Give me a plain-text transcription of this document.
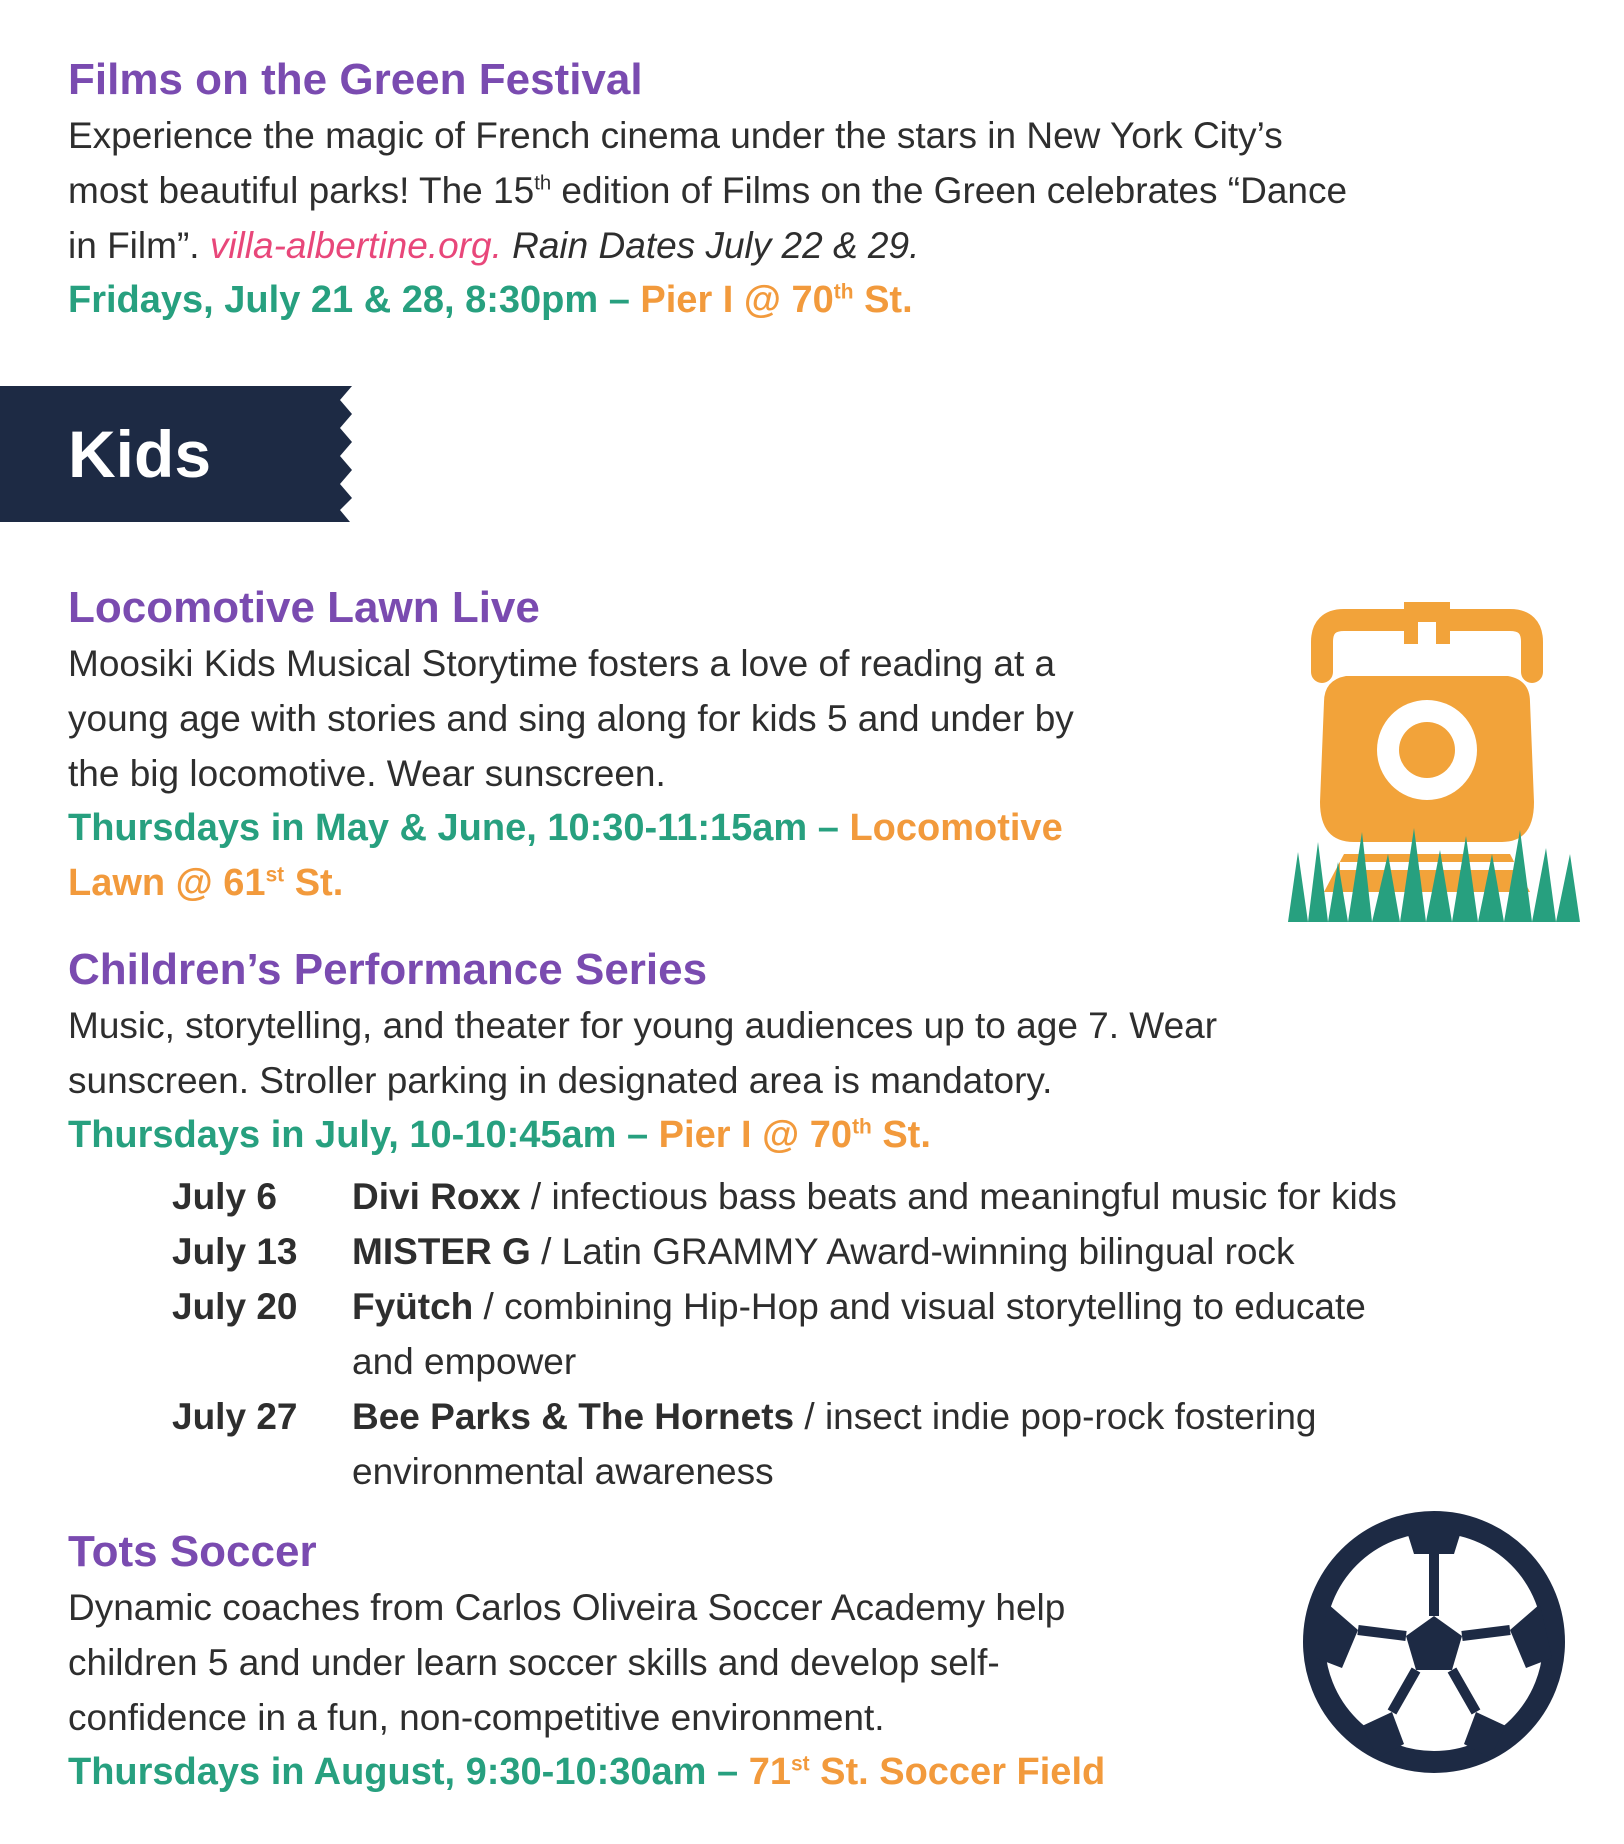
Films on the Green Festival

Experience the magic of French cinema under the stars in New York City’s
most beautiful parks! The 15th edition of Films on the Green celebrates “Dance
in Film”. villa-albertine.org. Rain Dates July 22 & 29.

Fridays, July 21 & 28, 8:30pm – Pier I @ 70th St.

Kids
Locomotive Lawn Live

Moosiki Kids Musical Storytime fosters a love of reading at a
young age with stories and sing along for kids 5 and under by
the big locomotive. Wear sunscreen.

Thursdays in May & June, 10:30-11:15am – Locomotive
Lawn @ 61st St.

Children’s Performance Series

Music, storytelling, and theater for young audiences up to age 7. Wear
sunscreen. Stroller parking in designated area is mandatory.

Thursdays in July, 10-10:45am – Pier I @ 70th St.

July 6	Divi Roxx / infectious bass beats and meaningful music for kids
July 13	MISTER G / Latin GRAMMY Award-winning bilingual rock
July 20	Fyütch / combining Hip-Hop and visual storytelling to educate
and empower
July 27	Bee Parks & The Hornets / insect indie pop-rock fostering
environmental awareness
Tots Soccer

Dynamic coaches from Carlos Oliveira Soccer Academy help
children 5 and under learn soccer skills and develop self-
confidence in a fun, non-competitive environment.

Thursdays in August, 9:30-10:30am – 71st St. Soccer Field
